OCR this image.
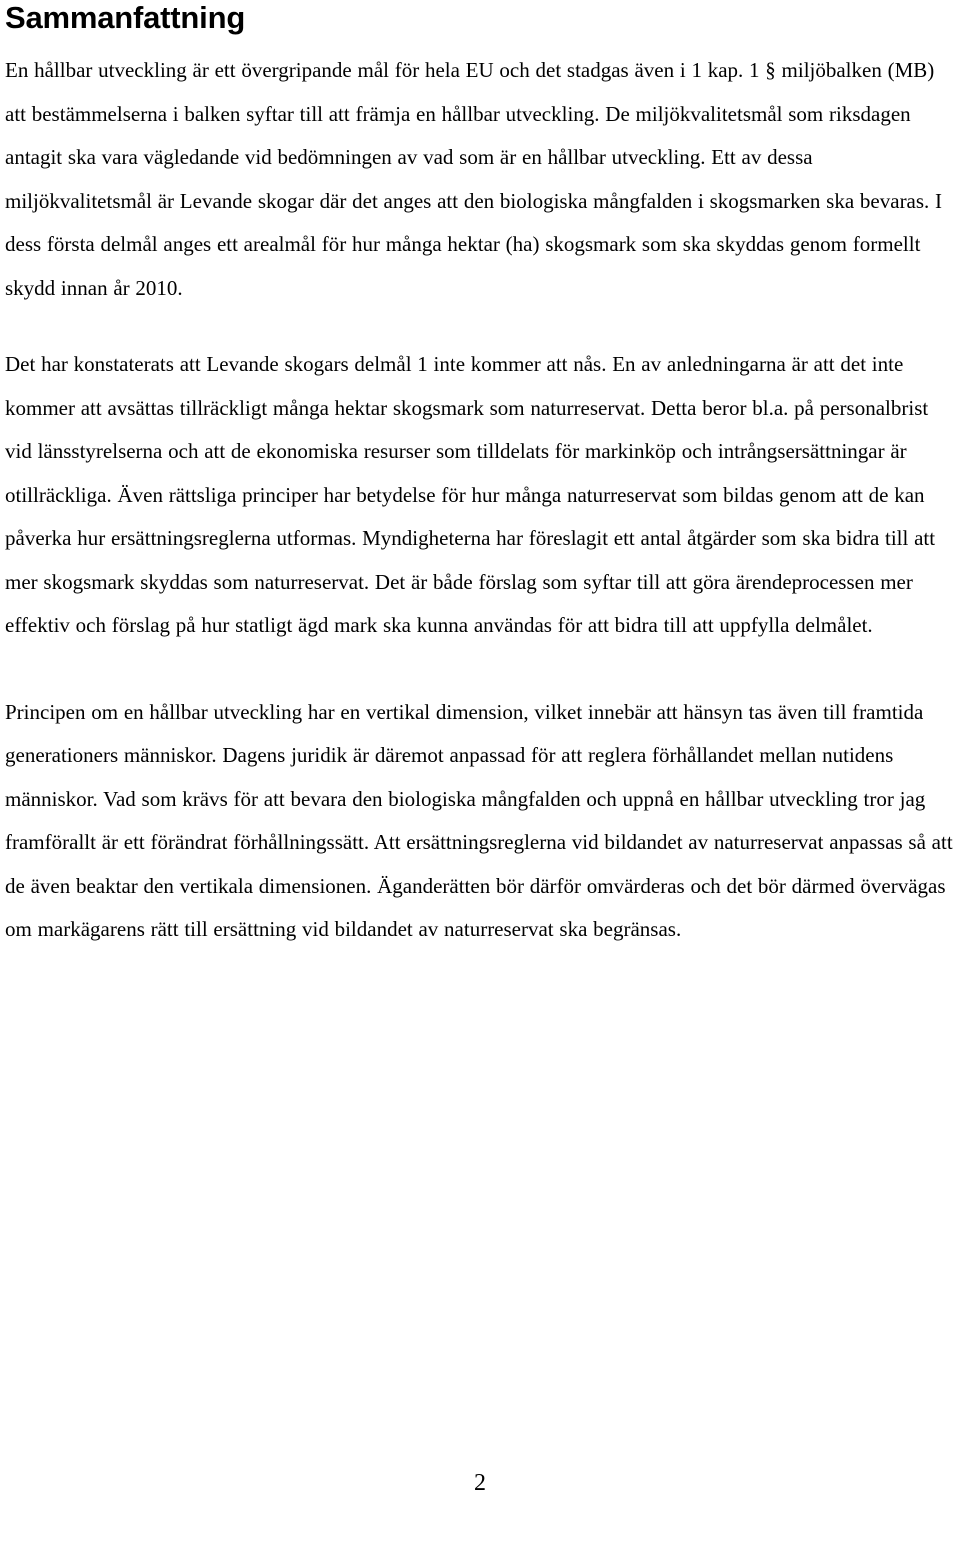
Sammanfattning

En hållbar utveckling är ett övergripande mål för hela EU och det stadgas även i 1 kap. 1 § miljöbalken (MB) att bestämmelserna i balken syftar till att främja en hållbar utveckling. De miljökvalitetsmål som riksdagen antagit ska vara vägledande vid bedömningen av vad som är en hållbar utveckling. Ett av dessa miljökvalitetsmål är Levande skogar där det anges att den biologiska mångfalden i skogsmarken ska bevaras. I dess första delmål anges ett arealmål för hur många hektar (ha) skogsmark som ska skyddas genom formellt skydd innan år 2010.

Det har konstaterats att Levande skogars delmål 1 inte kommer att nås. En av anledningarna är att det inte kommer att avsättas tillräckligt många hektar skogsmark som naturreservat. Detta beror bl.a. på personalbrist vid länsstyrelserna och att de ekonomiska resurser som tilldelats för markinköp och intrångsersättningar är otillräckliga. Även rättsliga principer har betydelse för hur många naturreservat som bildas genom att de kan påverka hur ersättningsreglerna utformas. Myndigheterna har föreslagit ett antal åtgärder som ska bidra till att mer skogsmark skyddas som naturreservat. Det är både förslag som syftar till att göra ärendeprocessen mer effektiv och förslag på hur statligt ägd mark ska kunna användas för att bidra till att uppfylla delmålet.

Principen om en hållbar utveckling har en vertikal dimension, vilket innebär att hänsyn tas även till framtida generationers människor. Dagens juridik är däremot anpassad för att reglera förhållandet mellan nutidens människor. Vad som krävs för att bevara den biologiska mångfalden och uppnå en hållbar utveckling tror jag framförallt är ett förändrat förhållningssätt. Att ersättningsreglerna vid bildandet av naturreservat anpassas så att de även beaktar den vertikala dimensionen. Äganderätten bör därför omvärderas och det bör därmed övervägas om markägarens rätt till ersättning vid bildandet av naturreservat ska begränsas.

2
